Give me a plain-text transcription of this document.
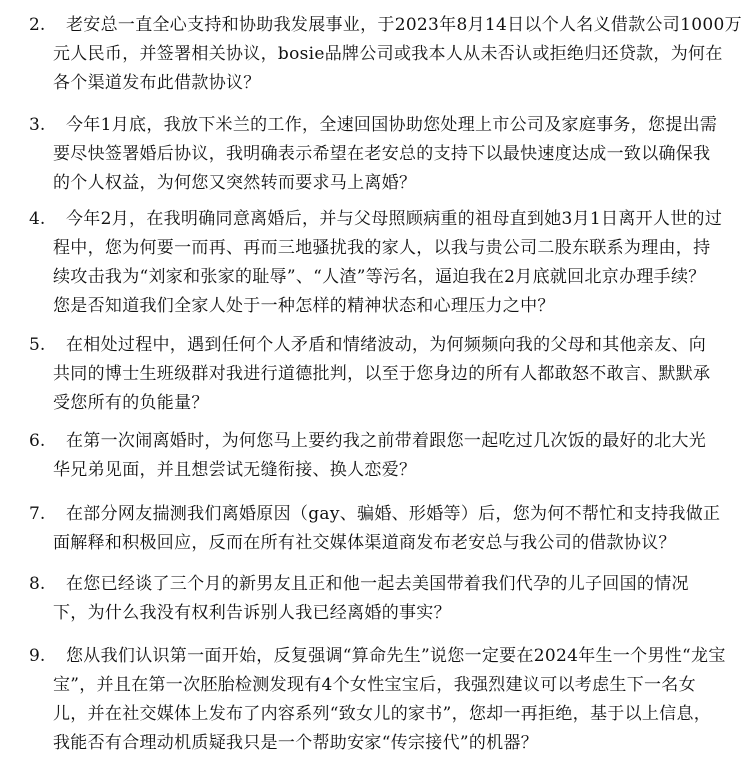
2. 老安总一直全心支持和协助我发展事业，于2023年8月14日以个人名义借款公司1000万
元人民币，并签署相关协议，bosie品牌公司或我本人从未否认或拒绝归还贷款，为何在
各个渠道发布此借款协议？
3. 今年1月底，我放下米兰的工作，全速回国协助您处理上市公司及家庭事务，您提出需
要尽快签署婚后协议，我明确表示希望在老安总的支持下以最快速度达成一致以确保我
的个人权益，为何您又突然转而要求马上离婚？
4. 今年2月，在我明确同意离婚后，并与父母照顾病重的祖母直到她3月1日离开人世的过
程中，您为何要一而再、再而三地骚扰我的家人，以我与贵公司二股东联系为理由，持
续攻击我为“刘家和张家的耻辱”、“人渣”等污名，逼迫我在2月底就回北京办理手续？
您是否知道我们全家人处于一种怎样的精神状态和心理压力之中？
5. 在相处过程中，遇到任何个人矛盾和情绪波动，为何频频向我的父母和其他亲友、向
共同的博士生班级群对我进行道德批判，以至于您身边的所有人都敢怒不敢言、默默承
受您所有的负能量？
6. 在第一次闹离婚时，为何您马上要约我之前带着跟您一起吃过几次饭的最好的北大光
华兄弟见面，并且想尝试无缝衔接、换人恋爱？
7. 在部分网友揣测我们离婚原因（gay、骗婚、形婚等）后，您为何不帮忙和支持我做正
面解释和积极回应，反而在所有社交媒体渠道商发布老安总与我公司的借款协议？
8. 在您已经谈了三个月的新男友且正和他一起去美国带着我们代孕的儿子回国的情况
下，为什么我没有权利告诉别人我已经离婚的事实？
9. 您从我们认识第一面开始，反复强调“算命先生”说您一定要在2024年生一个男性“龙宝
宝”，并且在第一次胚胎检测发现有4个女性宝宝后，我强烈建议可以考虑生下一名女
儿，并在社交媒体上发布了内容系列“致女儿的家书”，您却一再拒绝，基于以上信息，
我能否有合理动机质疑我只是一个帮助安家“传宗接代”的机器？
